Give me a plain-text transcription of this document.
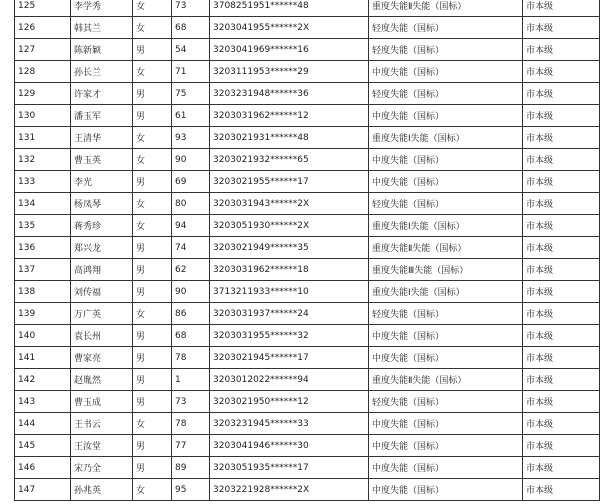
125	李学秀	女	73	3708251951******48	重度失能Ⅱ失能（国标）	市本级
126	韩其兰	女	68	3203041955******2X	轻度失能（国标）	市本级
127	陈新颖	男	54	3203041969******16	轻度失能（国标）	市本级
128	孙长兰	女	71	3203111953******29	中度失能（国标）	市本级
129	许家才	男	75	3203231948******36	轻度失能（国标）	市本级
130	潘玉军	男	61	3203031962******12	中度失能（国标）	市本级
131	王清华	女	93	3203021931******48	重度失能Ⅰ失能（国标）	市本级
132	曹玉英	女	90	3203021932******65	中度失能（国标）	市本级
133	李光	男	69	3203021955******17	中度失能（国标）	市本级
134	杨凤琴	女	80	3203031943******2X	轻度失能（国标）	市本级
135	蒋秀珍	女	94	3203051930******2X	重度失能Ⅰ失能（国标）	市本级
136	郑兴龙	男	74	3203021949******35	重度失能Ⅱ失能（国标）	市本级
137	高鸿翔	男	62	3203031962******18	重度失能Ⅲ失能（国标）	市本级
138	刘传福	男	90	3713211933******10	重度失能Ⅰ失能（国标）	市本级
139	万广英	女	86	3203031937******24	轻度失能（国标）	市本级
140	袁长州	男	68	3203031955******32	中度失能（国标）	市本级
141	曹家亮	男	78	3203021945******17	中度失能（国标）	市本级
142	赵胤然	男	1	3203012022******94	重度失能Ⅱ失能（国标）	市本级
143	曹玉成	男	73	3203021950******12	轻度失能（国标）	市本级
144	王书云	女	78	3203231945******33	中度失能（国标）	市本级
145	王汝堂	男	77	3203041946******30	中度失能（国标）	市本级
146	宋乃全	男	89	3203051935******17	中度失能（国标）	市本级
147	孙兆英	女	95	3203221928******2X	中度失能（国标）	市本级
